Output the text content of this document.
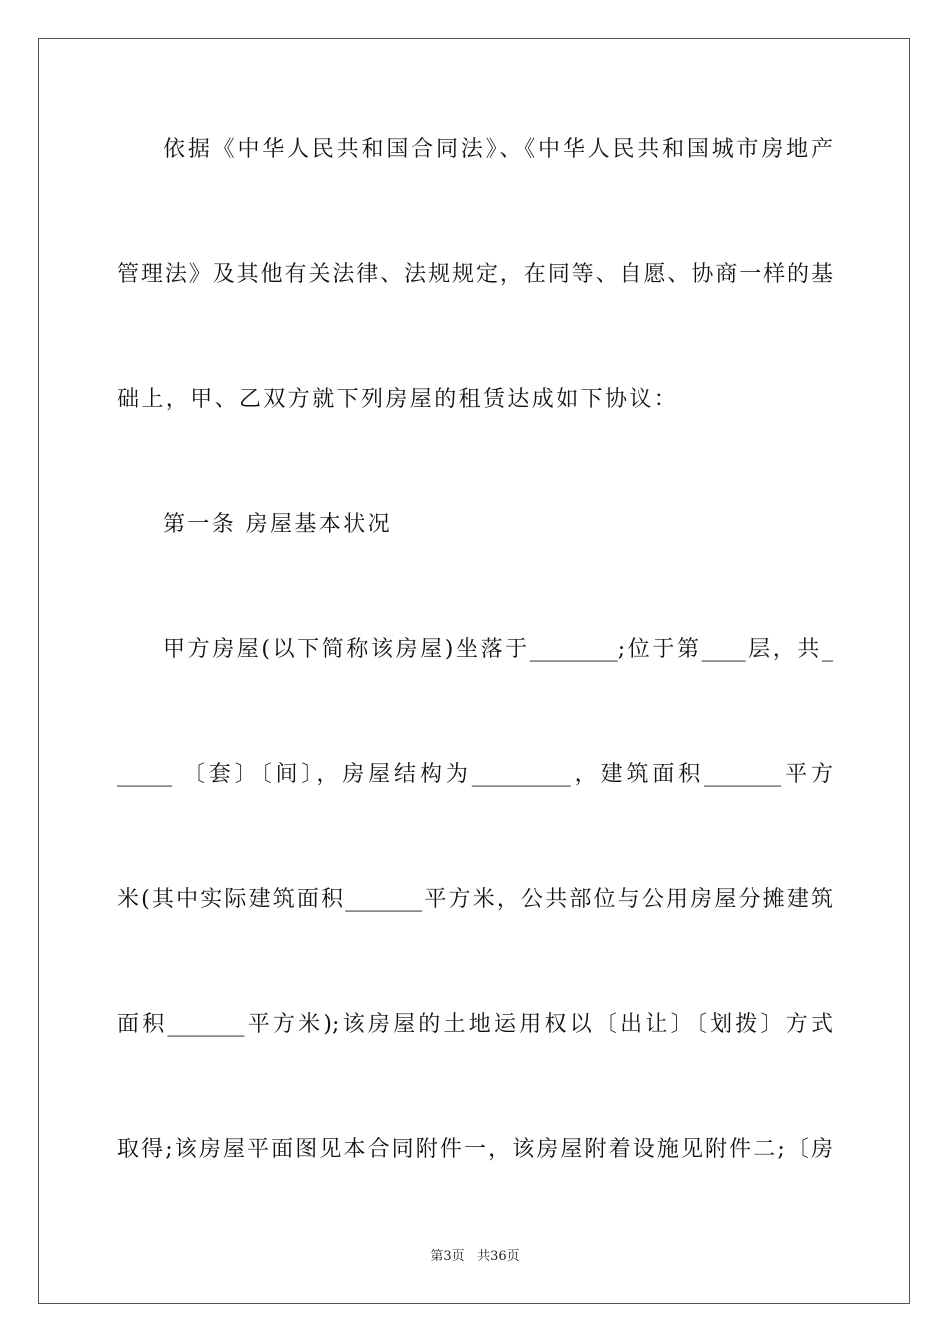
依据《中华人民共和国合同法》、《中华人民共和国城市房地产
管理法》及其他有关法律、法规规定，在同等、自愿、协商一样的基
础上，甲、乙双方就下列房屋的租赁达成如下协议：
第一条 房屋基本状况
甲方房屋(以下简称该房屋)坐落于________;位于第____层，共_
_____ 〔套〕〔间〕，房屋结构为_________，建筑面积_______平方
米(其中实际建筑面积_______平方米，公共部位与公用房屋分摊建筑
面积_______平方米);该房屋的土地运用权以〔出让〕〔划拨〕方式
取得;该房屋平面图见本合同附件一，该房屋附着设施见附件二;〔房
第3页 共36页
